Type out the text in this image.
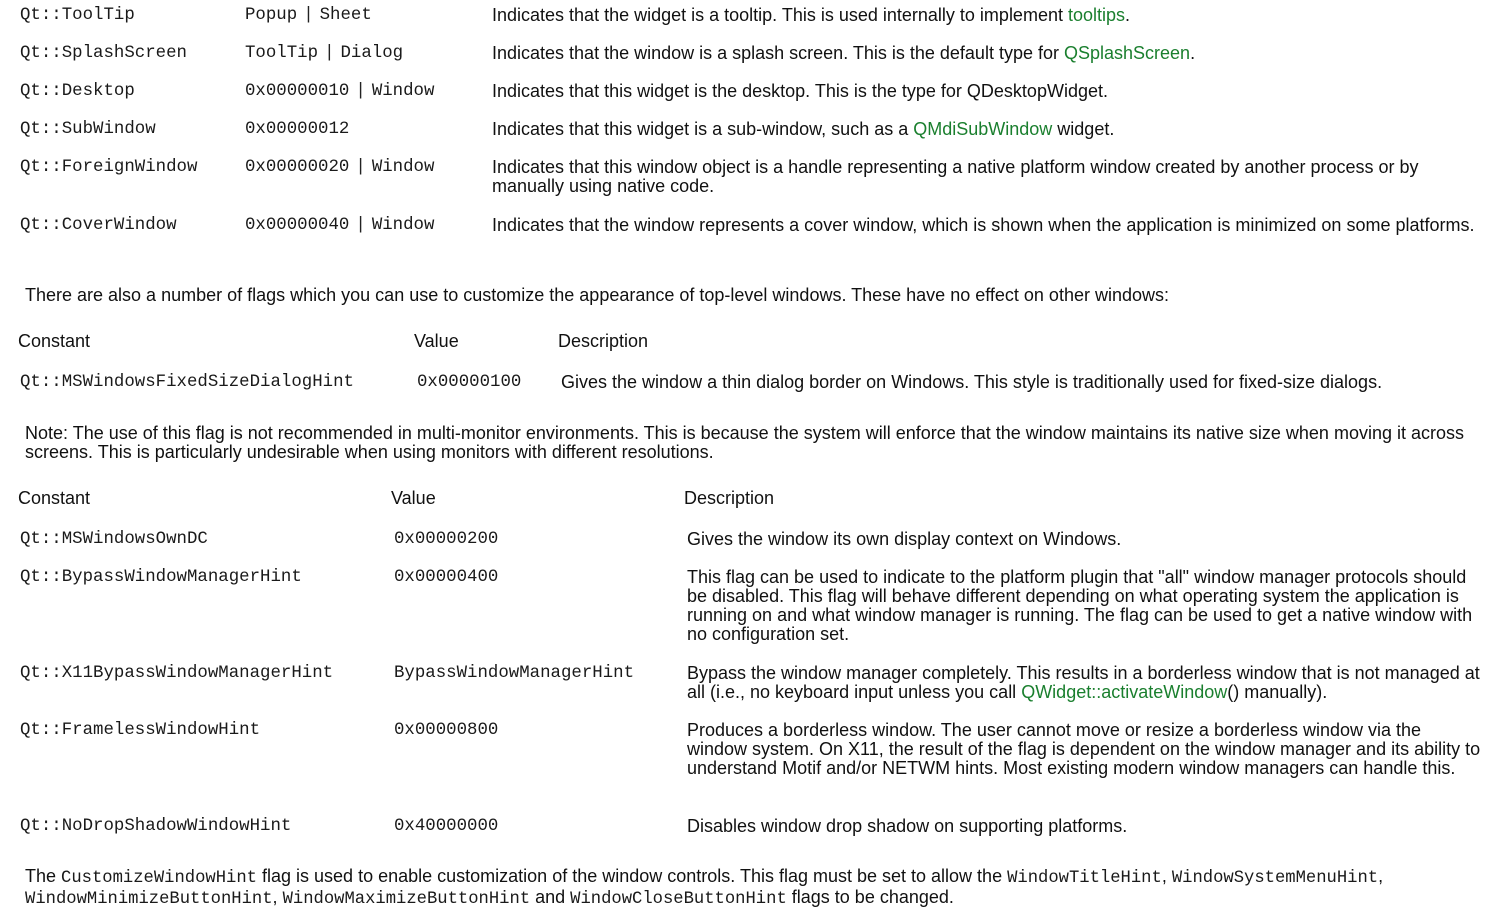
Qt::ToolTip	Popup | Sheet	Indicates that the widget is a tooltip. This is used internally to implement tooltips.
Qt::SplashScreen	ToolTip | Dialog	Indicates that the window is a splash screen. This is the default type for QSplashScreen.
Qt::Desktop	0x00000010 | Window	Indicates that this widget is the desktop. This is the type for QDesktopWidget.
Qt::SubWindow	0x00000012	Indicates that this widget is a sub-window, such as a QMdiSubWindow widget.
Qt::ForeignWindow	0x00000020 | Window	Indicates that this window object is a handle representing a native platform window created by another process or by manually using native code.
Qt::CoverWindow	0x00000040 | Window	Indicates that the window represents a cover window, which is shown when the application is minimized on some platforms.

There are also a number of flags which you can use to customize the appearance of top-level windows. These have no effect on other windows:

Constant	Value	Description
Qt::MSWindowsFixedSizeDialogHint	0x00000100 Gives the window a thin dialog border on Windows. This style is traditionally used for fixed-size dialogs.

Note: The use of this flag is not recommended in multi-monitor environments. This is because the system will enforce that the window maintains its native size when moving it across screens. This is particularly undesirable when using monitors with different resolutions.

Constant	Value	Description
Qt::MSWindowsOwnDC	0x00000200	Gives the window its own display context on Windows.
Qt::BypassWindowManagerHint	0x00000400	This flag can be used to indicate to the platform plugin that "all" window manager protocols should be disabled. This flag will behave different depending on what operating system the application is running on and what window manager is running. The flag can be used to get a native window with no configuration set.
Qt::X11BypassWindowManagerHint	BypassWindowManagerHint	Bypass the window manager completely. This results in a borderless window that is not managed at all (i.e., no keyboard input unless you call QWidget::activateWindow() manually).
Qt::FramelessWindowHint	0x00000800	Produces a borderless window. The user cannot move or resize a borderless window via the window system. On X11, the result of the flag is dependent on the window manager and its ability to understand Motif and/or NETWM hints. Most existing modern window managers can handle this.
Qt::NoDropShadowWindowHint	0x40000000	Disables window drop shadow on supporting platforms.

The CustomizeWindowHint flag is used to enable customization of the window controls. This flag must be set to allow the WindowTitleHint, WindowSystemMenuHint, WindowMinimizeButtonHint, WindowMaximizeButtonHint and WindowCloseButtonHint flags to be changed.
